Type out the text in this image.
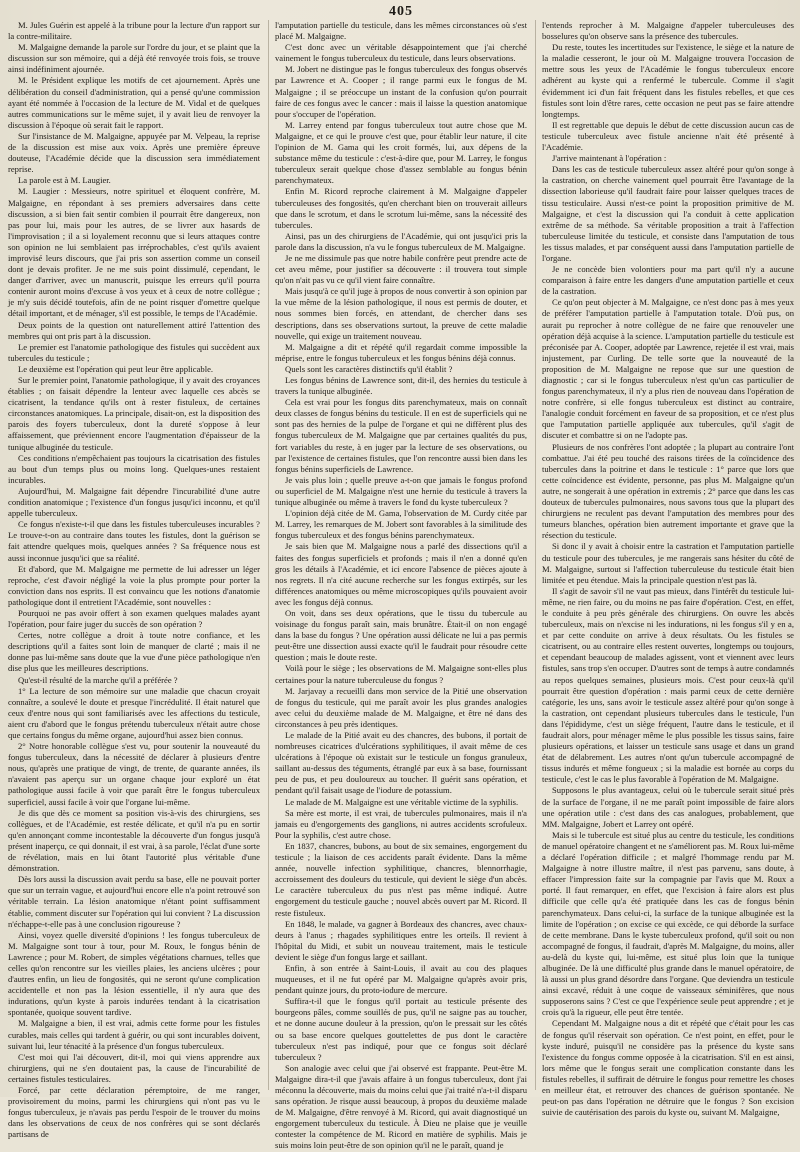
405

M. Jules Guérin est appelé à la tribune pour la lecture d'un rapport sur la contre-militaire.

M. Malgaigne demande la parole sur l'ordre du jour, et se plaint que la discussion sur son mémoire, qui a déjà été renvoyée trois fois, se trouve ainsi indéfiniment ajournée.

M. le Président explique les motifs de cet ajournement. Après une délibération du conseil d'administration, qui a pensé qu'une commission ayant été nommée à l'occasion de la lecture de M. Vidal et de quelques autres communications sur le même sujet, il y avait lieu de renvoyer la discussion à l'époque où serait fait le rapport.

Sur l'insistance de M. Malgaigne, appuyée par M. Velpeau, la reprise de la discussion est mise aux voix. Après une première épreuve douteuse, l'Académie décide que la discussion sera immédiatement reprise.

La parole est à M. Laugier.

M. Laugier : Messieurs, notre spirituel et éloquent confrère, M. Malgaigne, en répondant à ses premiers adversaires dans cette discussion, a si bien fait sentir combien il pourrait être dangereux, non pas pour lui, mais pour les autres, de se livrer aux hasards de l'improvisation ; il a si loyalement reconnu que si leurs attaques contre son opinion ne lui semblaient pas irréprochables, c'est qu'ils avaient improvisé leurs discours, que j'ai pris son assertion comme un conseil dont je devais profiter. Je ne me suis point dissimulé, cependant, le danger d'arriver, avec un manuscrit, puisque les erreurs qu'il pourra contenir auront moins d'excuse à vos yeux et à ceux de notre collègue ; je m'y suis décidé toutefois, afin de ne point risquer d'omettre quelque détail important, et de ménager, s'il est possible, le temps de l'Académie.

Deux points de la question ont naturellement attiré l'attention des membres qui ont pris part à la discussion.

Le premier est l'anatomie pathologique des fistules qui succèdent aux tubercules du testicule ;

Le deuxième est l'opération qui peut leur être applicable.

Sur le premier point, l'anatomie pathologique, il y avait des croyances établies ; on faisait dépendre la lenteur avec laquelle ces abcès se cicatrisent, la tendance qu'ils ont à rester fistuleux, de certaines circonstances anatomiques. La principale, disait-on, est la disposition des parois des foyers tuberculeux, dont la dureté s'oppose à leur affaissement, que préviennent encore l'augmentation d'épaisseur de la tunique albuginée du testicule.

Ces conditions n'empêchaient pas toujours la cicatrisation des fistules au bout d'un temps plus ou moins long. Quelques-unes restaient incurables.

Aujourd'hui, M. Malgaigne fait dépendre l'incurabilité d'une autre condition anatomique ; l'existence d'un fongus jusqu'ici inconnu, et qu'il appelle tuberculeux.

Ce fongus n'existe-t-il que dans les fistules tuberculeuses incurables ? Le trouve-t-on au contraire dans toutes les fistules, dont la guérison se fait attendre quelques mois, quelques années ? Sa fréquence nous est aussi inconnue jusqu'ici que sa réalité.

Et d'abord, que M. Malgaigne me permette de lui adresser un léger reproche, c'est d'avoir négligé la voie la plus prompte pour porter la conviction dans nos esprits. Il est convaincu que les notions d'anatomie pathologique dont il entretient l'Académie, sont nouvelles :

Pourquoi ne pas avoir offert à son examen quelques malades ayant l'opération, pour faire juger du succès de son opération ?

Certes, notre collègue a droit à toute notre confiance, et les descriptions qu'il a faites sont loin de manquer de clarté ; mais il ne donne pas lui-même sans doute que la vue d'une pièce pathologique n'en dise plus que les meilleures descriptions.

Qu'est-il résulté de la marche qu'il a préférée ?

1° La lecture de son mémoire sur une maladie que chacun croyait connaître, a soulevé le doute et presque l'incrédulité. Il était naturel que ceux d'entre nous qui sont familiarisés avec les affections du testicule, aient cru d'abord que le fongus prétendu tuberculeux n'était autre chose que certains fongus du même organe, aujourd'hui assez bien connus.

2° Notre honorable collègue s'est vu, pour soutenir la nouveauté du fongus tuberculeux, dans la nécessité de déclarer à plusieurs d'entre nous, qu'après une pratique de vingt, de trente, de quarante années, ils n'avaient pas aperçu sur un organe chaque jour exploré un état pathologique aussi facile à voir que paraît être le fongus tuberculeux superficiel, aussi facile à voir que l'organe lui-même.

Je dis que dès ce moment sa position vis-à-vis des chirurgiens, ses collègues, et de l'Académie, est restée délicate, et qu'il n'a pu en sortir qu'en annonçant comme incontestable la découverte d'un fongus jusqu'à présent inaperçu, ce qui donnait, il est vrai, à sa parole, l'éclat d'une sorte de révélation, mais en lui ôtant l'autorité plus véritable d'une démonstration.

Dès lors aussi la discussion avait perdu sa base, elle ne pouvait porter que sur un terrain vague, et aujourd'hui encore elle n'a point retrouvé son véritable terrain. La lésion anatomique n'étant point suffisamment établie, comment discuter sur l'opération qui lui convient ? La discussion n'échappe-t-elle pas à une conclusion rigoureuse ?

Ainsi, voyez quelle diversité d'opinions ! les fongus tuberculeux de M. Malgaigne sont tour à tour, pour M. Roux, le fongus bénin de Lawrence ; pour M. Robert, de simples végétations charnues, telles que celles qu'on rencontre sur les vieilles plaies, les anciens ulcères ; pour d'autres enfin, un lieu de fongosités, qui ne seront qu'une complication accidentelle et non pas la lésion essentielle, il n'y aura que des indurations, qu'un kyste à parois indurées tendant à la cicatrisation spontanée, quoique souvent tardive.

M. Malgaigne a bien, il est vrai, admis cette forme pour les fistules curables, mais celles qui tardent à guérir, ou qui sont incurables doivent, suivant lui, leur ténacité à la présence d'un fongus tuberculeux.

C'est moi qui l'ai découvert, dit-il, moi qui viens apprendre aux chirurgiens, qui ne s'en doutaient pas, la cause de l'incurabilité de certaines fistules testiculaires.

Forcé, par cette déclaration péremptoire, de me ranger, provisoirement du moins, parmi les chirurgiens qui n'ont pas vu le fongus tuberculeux, je n'avais pas perdu l'espoir de le trouver du moins dans les observations de ceux de nos confrères qui se sont déclarés partisans de

l'amputation partielle du testicule, dans les mêmes circonstances où s'est placé M. Malgaigne.

C'est donc avec un véritable désappointement que j'ai cherché vainement le fongus tuberculeux du testicule, dans leurs observations.

M. Jobert ne distingue pas le fongus tuberculeux des fongus observés par Lawrence et A. Cooper ; il range parmi eux le fongus de M. Malgaigne ; il se préoccupe un instant de la confusion qu'on pourrait faire de ces fongus avec le cancer : mais il laisse la question anatomique pour s'occuper de l'opération.

M. Larrey entend par fongus tuberculeux tout autre chose que M. Malgaigne, et ce qui le prouve c'est que, pour établir leur nature, il cite l'opinion de M. Gama qui les croit formés, lui, aux dépens de la substance même du testicule : c'est-à-dire que, pour M. Larrey, le fongus tuberculeux serait quelque chose d'assez semblable au fongus bénin parenchymateux.

Enfin M. Ricord reproche clairement à M. Malgaigne d'appeler tuberculeuses des fongosités, qu'en cherchant bien on trouverait ailleurs que dans le scrotum, et dans le scrotum lui-même, sans la nécessité des tubercules.

Ainsi, pas un des chirurgiens de l'Académie, qui ont jusqu'ici pris la parole dans la discussion, n'a vu le fongus tuberculeux de M. Malgaigne.

Je ne me dissimule pas que notre habile confrère peut prendre acte de cet aveu même, pour justifier sa découverte : il trouvera tout simple qu'on n'ait pas vu ce qu'il vient faire connaître.

Mais jusqu'à ce qu'il juge à propos de nous convertir à son opinion par la vue même de la lésion pathologique, il nous est permis de douter, et nous sommes bien forcés, en attendant, de chercher dans ses descriptions, dans ses observations surtout, la preuve de cette maladie nouvelle, qui exige un traitement nouveau.

M. Malgaigne a dit et répété qu'il regardait comme impossible la méprise, entre le fongus tuberculeux et les fongus bénins déjà connus.

Quels sont les caractères distinctifs qu'il établit ?

Les fongus bénins de Lawrence sont, dit-il, des hernies du testicule à travers la tunique albuginée.

Cela est vrai pour les fongus dits parenchymateux, mais on connaît deux classes de fongus bénins du testicule. Il en est de superficiels qui ne sont pas des hernies de la pulpe de l'organe et qui ne diffèrent plus des fongus tuberculeux de M. Malgaigne que par certaines qualités du pus, fort variables du reste, à en juger par la lecture de ses observations, ou par l'existence de certaines fistules, que l'on rencontre aussi bien dans les fongus bénins superficiels de Lawrence.

Je vais plus loin ; quelle preuve a-t-on que jamais le fongus profond ou superficiel de M. Malgaigne n'est une hernie du testicule à travers la tunique albuginée ou même à travers le fond du kyste tuberculeux ?

L'opinion déjà citée de M. Gama, l'observation de M. Curdy citée par M. Larrey, les remarques de M. Jobert sont favorables à la similitude des fongus tuberculeux et des fongus bénins parenchymateux.

Je sais bien que M. Malgaigne nous a parlé des dissections qu'il a faites des fongus superficiels et profonds ; mais il n'en a donné qu'en gros les détails à l'Académie, et ici encore l'absence de pièces ajoute à nos regrets. Il n'a cité aucune recherche sur les fongus extirpés, sur les différences anatomiques ou même microscopiques qu'ils pouvaient avoir avec les fongus déjà connus.

On voit, dans ses deux opérations, que le tissu du tubercule au voisinage du fongus paraît sain, mais brunâtre. Était-il on non engagé dans la base du fongus ? Une opération aussi délicate ne lui a pas permis peut-être une dissection aussi exacte qu'il le faudrait pour résoudre cette question ; mais le doute reste.

Voilà pour le siège ; les observations de M. Malgaigne sont-elles plus certaines pour la nature tuberculeuse du fongus ?

M. Jarjavay a recueilli dans mon service de la Pitié une observation de fongus du testicule, qui me paraît avoir les plus grandes analogies avec celui du deuxième malade de M. Malgaigne, et être né dans des circonstances à peu près identiques.

Le malade de la Pitié avait eu des chancres, des bubons, il portait de nombreuses cicatrices d'ulcérations syphilitiques, il avait même de ces ulcérations à l'époque où existait sur le testicule un fongus granuleux, saillant au-dessus des téguments, étranglé par eux à sa base, fournissant peu de pus, et peu douloureux au toucher. Il guérit sans opération, et pendant qu'il faisait usage de l'iodure de potassium.

Le malade de M. Malgaigne est une véritable victime de la syphilis.

Sa mère est morte, il est vrai, de tubercules pulmonaires, mais il n'a jamais eu d'engorgements des ganglions, ni autres accidents scrofuleux. Pour la syphilis, c'est autre chose.

En 1837, chancres, bubons, au bout de six semaines, engorgement du testicule ; la liaison de ces accidents paraît évidente. Dans la même année, nouvelle infection syphilitique, chancres, blennorrhagie, accroissement des douleurs du testicule, qui devient le siège d'un abcès. Le caractère tuberculeux du pus n'est pas même indiqué. Autre engorgement du testicule gauche ; nouvel abcès ouvert par M. Ricord. Il reste fistuleux.

En 1848, le malade, va gagner à Bordeaux des chancres, avec chaux-deurs à l'anus ; rhagades syphilitiques entre les orteils. Il revient à l'hôpital du Midi, et subit un nouveau traitement, mais le testicule devient le siège d'un fongus large et saillant.

Enfin, à son entrée à Saint-Louis, il avait au cou des plaques muqueuses, et il ne fut opéré par M. Malgaigne qu'après avoir pris, pendant quinze jours, du proto-iodure de mercure.

Suffira-t-il que le fongus qu'il portait au testicule présente des bourgeons pâles, comme souillés de pus, qu'il ne saigne pas au toucher, et ne donne aucune douleur à la pression, qu'on le pressait sur les côtés ou sa base encore quelques gouttelettes de pus dont le caractère tuberculeux n'est pas indiqué, pour que ce fongus soit déclaré tuberculeux ?

Son analogie avec celui que j'ai observé est frappante. Peut-être M. Malgaigne dira-t-il que j'avais affaire à un fongus tuberculeux, dont j'ai méconnu la découverte, mais du moins celui que j'ai traité n'a-t-il disparu sans opération. Je risque aussi beaucoup, à propos du deuxième malade de M. Malgaigne, d'être renvoyé à M. Ricord, qui avait diagnostiqué un engorgement tuberculeux du testicule. À Dieu ne plaise que je veuille contester la compétence de M. Ricord en matière de syphilis. Mais je suis moins loin peut-être de son opinion qu'il ne le paraît, quand je

l'entends reprocher à M. Malgaigne d'appeler tuberculeuses des bosselures qu'on observe sans la présence des tubercules.

Du reste, toutes les incertitudes sur l'existence, le siège et la nature de la maladie cesseront, le jour où M. Malgaigne trouvera l'occasion de mettre sous les yeux de l'Académie le fongus tuberculeux encore adhérent au kyste qui a renfermé le tubercule. Comme il s'agit évidemment ici d'un fait fréquent dans les fistules rebelles, et que ces fistules sont loin d'être rares, cette occasion ne peut pas se faire attendre longtemps.

Il est regrettable que depuis le début de cette discussion aucun cas de testicule tuberculeux avec fistule ancienne n'ait été présenté à l'Académie.

J'arrive maintenant à l'opération :

Dans les cas de testicule tuberculeux assez altéré pour qu'on songe à la castration, on cherche vainement quel pourrait être l'avantage de la dissection laborieuse qu'il faudrait faire pour laisser quelques traces de tissu testiculaire. Aussi n'est-ce point la proposition primitive de M. Malgaigne, et c'est la discussion qui l'a conduit à cette application extrême de sa méthode. Sa véritable proposition a trait à l'affection tuberculeuse limitée du testicule, et consiste dans l'amputation de tous les tissus malades, et par conséquent aussi dans l'amputation partielle de l'organe.

Je ne concède bien volontiers pour ma part qu'il n'y a aucune comparaison à faire entre les dangers d'une amputation partielle et ceux de la castration.

Ce qu'on peut objecter à M. Malgaigne, ce n'est donc pas à mes yeux de préférer l'amputation partielle à l'amputation totale. D'où pus, on aurait pu reprocher à notre collègue de ne faire que renouveler une opération déjà acquise à la science. L'amputation partielle du testicule est préconisée par A. Cooper, adoptée par Lawrence, rejetée il est vrai, mais injustement, par Curling. De telle sorte que la nouveauté de la proposition de M. Malgaigne ne repose que sur une question de diagnostic ; car si le fongus tuberculeux n'est qu'un cas particulier de fongus parenchymateux, il n'y a plus rien de nouveau dans l'opération de notre confrère, si elle fongus tuberculeux est distinct au contraire, l'analogie conduit forcément en faveur de sa proposition, et ce n'est plus que l'amputation partielle appliquée aux tubercules, qu'il s'agit de discuter et combattre si on ne l'adopte pas.

Plusieurs de nos confrères l'ont adoptée ; la plupart au contraire l'ont combattue. J'ai été peu touché des raisons tirées de la coïncidence des tubercules dans la poitrine et dans le testicule : 1° parce que lors que cette coïncidence est évidente, personne, pas plus M. Malgaigne qu'un autre, ne songerait à une opération in extremis ; 2° parce que dans les cas douteux de tubercules pulmonaires, nous savons tous que la plupart des chirurgiens ne reculent pas devant l'amputation des membres pour des tumeurs blanches, opération bien autrement importante et grave que la résection du testicule.

Si donc il y avait à choisir entre la castration et l'amputation partielle du testicule pour des tubercules, je me rangerais sans hésiter du côté de M. Malgaigne, surtout si l'affection tuberculeuse du testicule était bien limitée et peu étendue. Mais la principale question n'est pas là.

Il s'agit de savoir s'il ne vaut pas mieux, dans l'intérêt du testicule lui-même, ne rien faire, ou du moins ne pas faire d'opération. C'est, en effet, le conduite à peu près générale des chirurgiens. On ouvre les abcès tuberculeux, mais on n'excise ni les indurations, ni les fongus s'il y en a, et par cette conduite on arrive à deux résultats. Ou les fistules se cicatrisent, ou au contraire elles restent ouvertes, longtemps ou toujours, et cependant beaucoup de malades agissent, vont et viennent avec leurs fistules, sans trop s'en occuper. D'autres sont de temps à autre condamnés au repos quelques semaines, plusieurs mois. C'est pour ceux-là qu'il pourrait être question d'opération : mais parmi ceux de cette dernière catégorie, les uns, sans avoir le testicule assez altéré pour qu'on songe à la castration, ont cependant plusieurs tubercules dans le testicule, l'un dans l'épididyme, c'est un siège fréquent, l'autre dans le testicule, et il faudrait alors, pour ménager même le plus possible les tissus sains, faire plusieurs opérations, et laisser un testicule sans usage et dans un grand état de délabrement. Les autres n'ont qu'un tubercule accompagné de tissus indurés et même fongueux ; si la maladie est bornée au corps du testicule, c'est le cas le plus favorable à l'opération de M. Malgaigne.

Supposons le plus avantageux, celui où le tubercule serait situé près de la surface de l'organe, il ne me paraît point impossible de faire alors une opération utile : c'est dans des cas analogues, probablement, que MM. Malgaigne, Jobert et Larrey ont opéré.

Mais si le tubercule est situé plus au centre du testicule, les conditions de manuel opératoire changent et ne s'améliorent pas. M. Roux lui-même a déclaré l'opération difficile ; et malgré l'hommage rendu par M. Malgaigne à notre illustre maître, il n'est pas parvenu, sans doute, à effacer l'impression faite sur la compagnie par l'avis que M. Roux a porté. Il faut remarquer, en effet, que l'excision à faire alors est plus difficile que celle qu'a été pratiquée dans les cas de fongus bénin parenchymateux. Dans celui-ci, la surface de la tunique albuginée est la limite de l'opération ; on excise ce qui excède, ce qui déborde la surface de cette membrane. Dans le kyste tuberculeux profond, qu'il soit ou non accompagné de fongus, il faudrait, d'après M. Malgaigne, du moins, aller au-delà du kyste qui, lui-même, est situé plus loin que la tunique albuginée. De là une difficulté plus grande dans le manuel opératoire, de là aussi un plus grand désordre dans l'organe. Que deviendra un testicule ainsi excavé, réduit à une coque de vaisseaux séminifères, que nous supposerons sains ? C'est ce que l'expérience seule peut apprendre ; et je crois qu'à la rigueur, elle peut être tentée.

Cependant M. Malgaigne nous a dit et répété que c'était pour les cas de fongus qu'il réservait son opération. Ce n'est point, en effet, pour le kyste induré, puisqu'il ne considère pas la présence du kyste sans l'existence du fongus comme opposée à la cicatrisation. S'il en est ainsi, lors même que le fongus serait une complication constante dans les fistules rebelles, il suffirait de détruire le fongus pour remettre les choses en meilleur état, et retrouver des chances de guérison spontanée. Ne peut-on pas dans l'opération ne détruire que le fongus ? Son excision suivie de cautérisation des parois du kyste ou, suivant M. Malgaigne,
